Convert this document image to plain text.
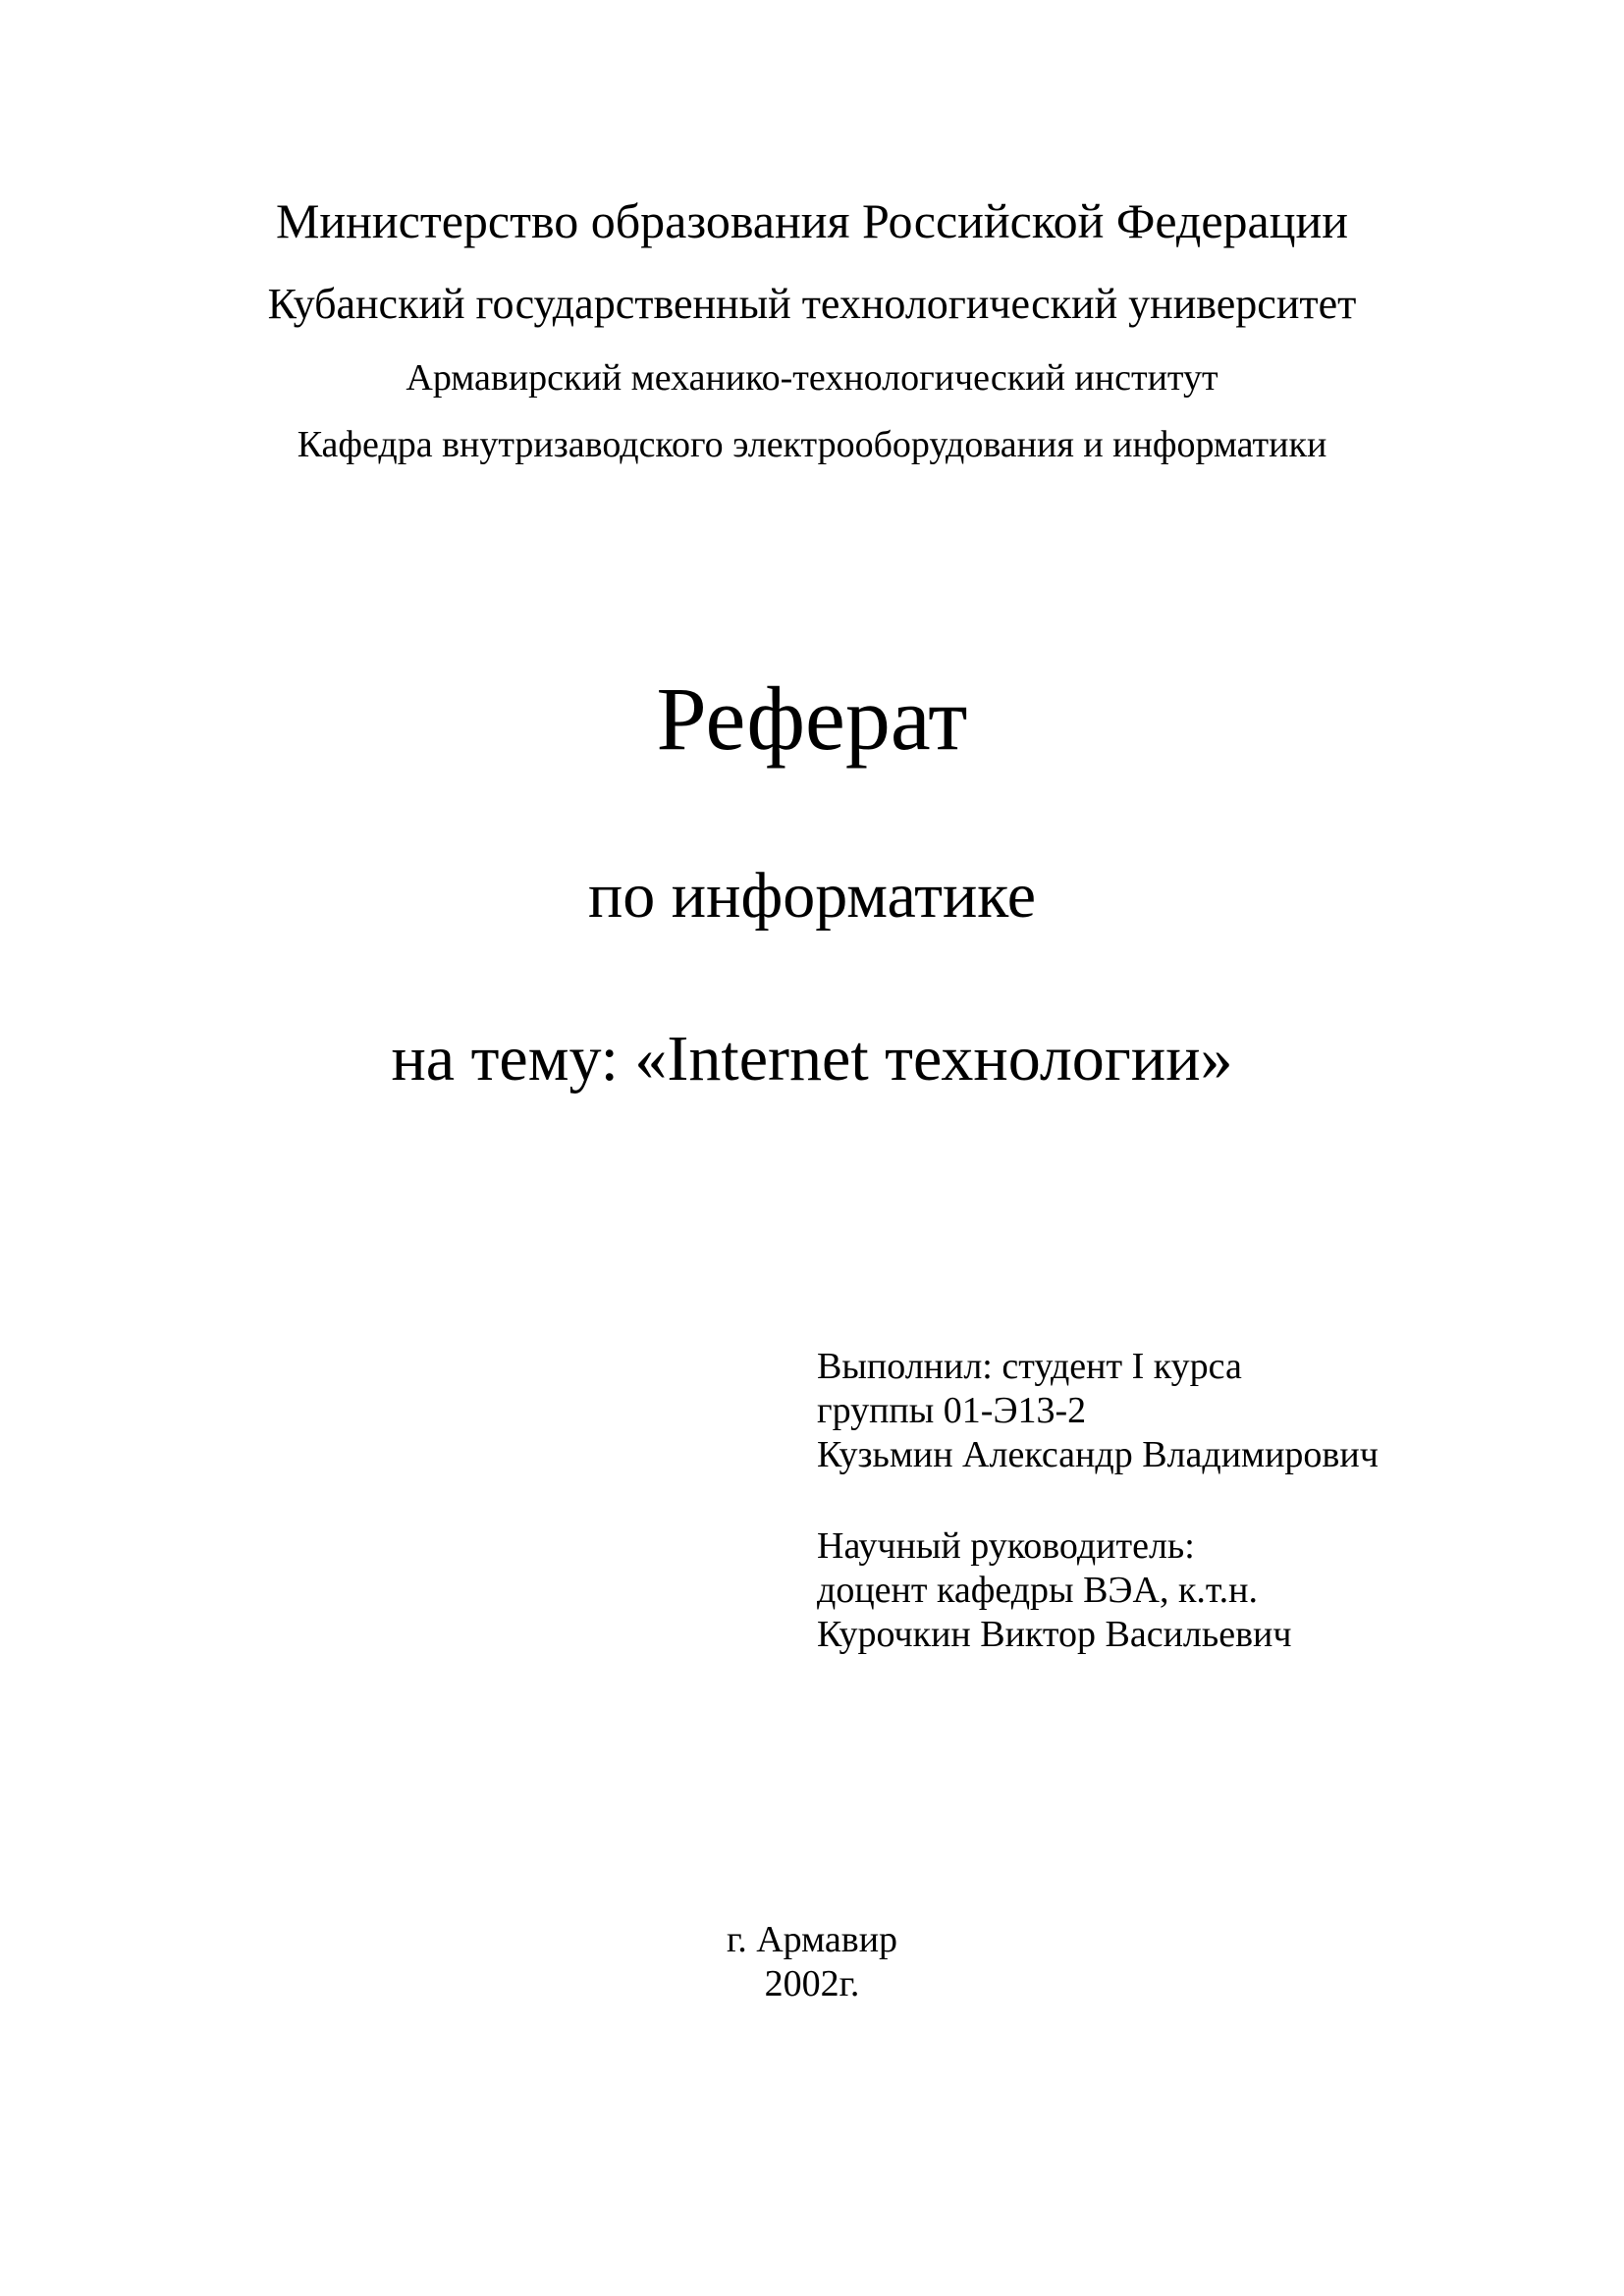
Министерство образования Российской Федерации
Кубанский государственный технологический университет
Армавирский механико-технологический институт
Кафедра внутризаводского электрооборудования и информатики
Реферат
по информатике
на тему: «Internet технологии»
Выполнил: студент I курса
группы 01-Э13-2
Кузьмин Александр Владимирович
Научный руководитель:
доцент кафедры ВЭА, к.т.н.
Курочкин Виктор Васильевич
г. Армавир
2002г.
